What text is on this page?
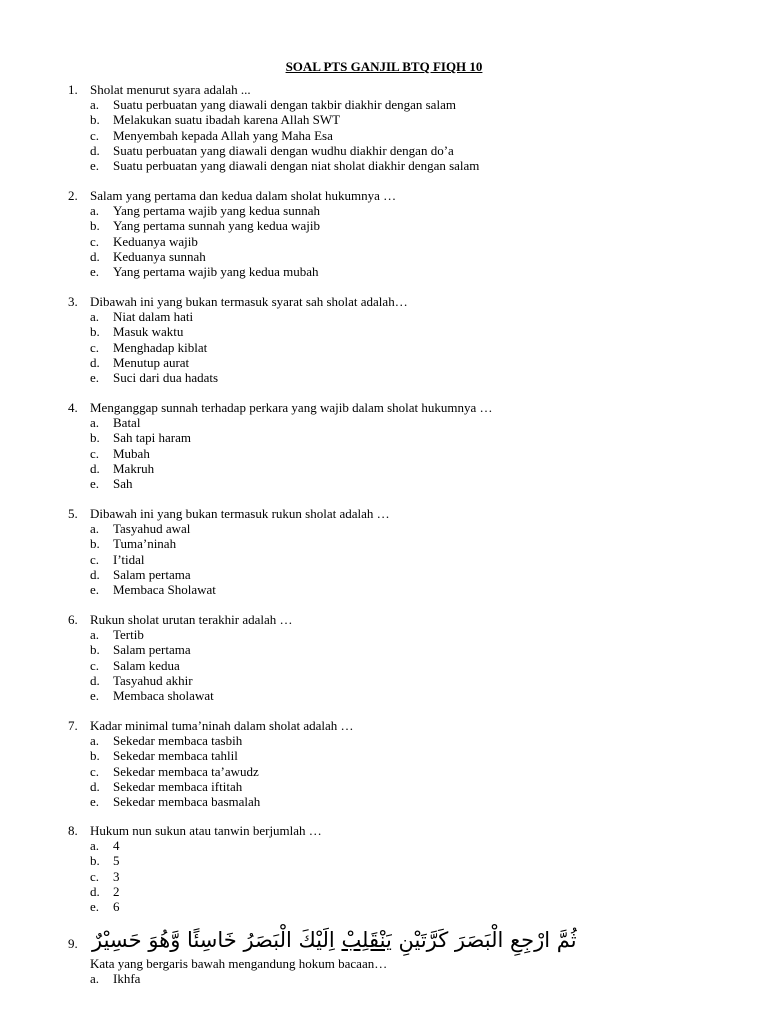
SOAL PTS GANJIL BTQ FIQH 10
1. Sholat menurut syara adalah ...
a. Suatu perbuatan yang diawali dengan takbir diakhir dengan salam
b. Melakukan suatu ibadah karena Allah SWT
c. Menyembah kepada Allah yang Maha Esa
d. Suatu perbuatan yang diawali dengan wudhu diakhir dengan do’a
e. Suatu perbuatan yang diawali dengan niat sholat diakhir dengan salam
2. Salam yang pertama dan kedua dalam sholat hukumnya …
a. Yang pertama wajib yang kedua sunnah
b. Yang pertama sunnah yang kedua wajib
c. Keduanya wajib
d. Keduanya sunnah
e. Yang pertama wajib yang kedua mubah
3. Dibawah ini yang bukan termasuk syarat sah sholat adalah…
a. Niat dalam hati
b. Masuk waktu
c. Menghadap kiblat
d. Menutup aurat
e. Suci dari dua hadats
4. Menganggap sunnah terhadap perkara yang wajib dalam sholat hukumnya …
a. Batal
b. Sah tapi haram
c. Mubah
d. Makruh
e. Sah
5. Dibawah ini yang bukan termasuk rukun sholat adalah …
a. Tasyahud awal
b. Tuma’ninah
c. I’tidal
d. Salam pertama
e. Membaca Sholawat
6. Rukun sholat urutan terakhir adalah …
a. Tertib
b. Salam pertama
c. Salam kedua
d. Tasyahud akhir
e. Membaca sholawat
7. Kadar minimal tuma’ninah dalam sholat adalah …
a. Sekedar membaca tasbih
b. Sekedar membaca tahlil
c. Sekedar membaca ta’awudz
d. Sekedar membaca iftitah
e. Sekedar membaca basmalah
8. Hukum nun sukun atau tanwin berjumlah …
a. 4
b. 5
c. 3
d. 2
e. 6
9.	ثُمَّ ارْجِعِ الْبَصَرَ كَرَّتَيْنِ يَنْقَلِبْ اِلَيْكَ الْبَصَرُ خَاسِئًا وَّهُوَ حَسِيْرٌ
Kata yang bergaris bawah mengandung hokum bacaan…
a. Ikhfa
